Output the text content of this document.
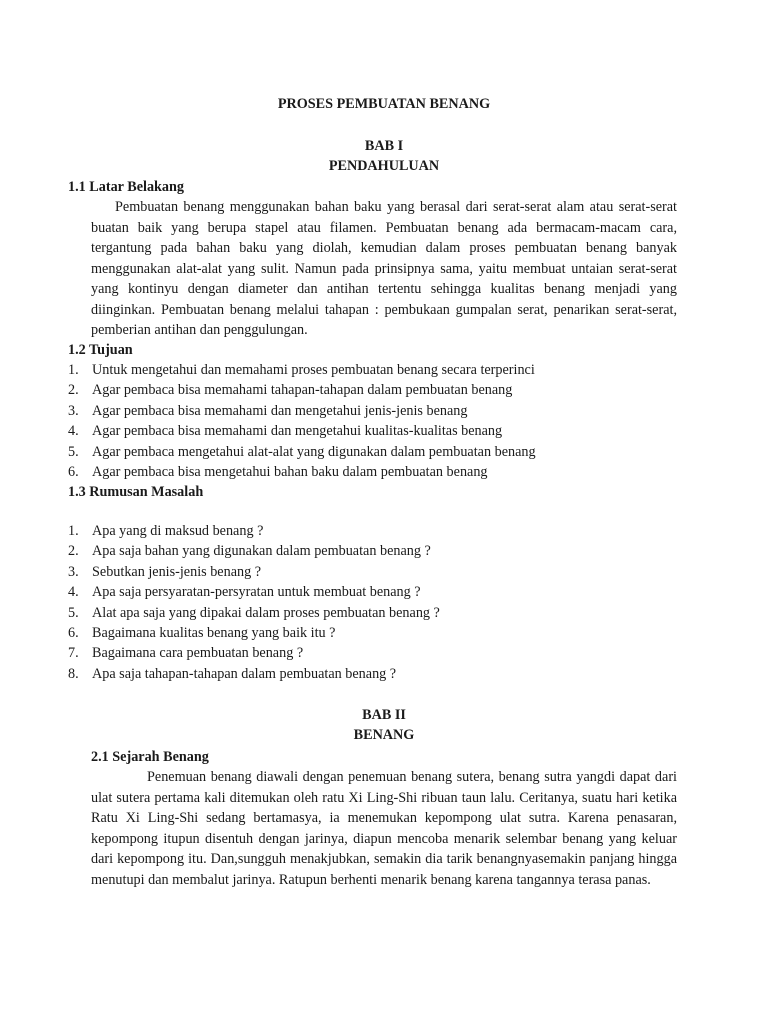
PROSES PEMBUATAN BENANG

BAB I

PENDAHULUAN

1.1 Latar Belakang

Pembuatan benang menggunakan bahan baku yang berasal dari serat-serat alam atau serat-serat buatan baik yang berupa stapel atau filamen. Pembuatan benang ada bermacam-macam cara, tergantung pada bahan baku yang diolah, kemudian dalam proses pembuatan benang banyak menggunakan alat-alat yang sulit. Namun pada prinsipnya sama, yaitu membuat untaian serat-serat yang kontinyu dengan diameter dan antihan tertentu sehingga kualitas benang menjadi yang diinginkan. Pembuatan benang melalui tahapan : pembukaan gumpalan serat, penarikan serat-serat, pemberian antihan dan penggulungan.

1.2 Tujuan

1. Untuk mengetahui dan memahami proses pembuatan benang secara terperinci
2. Agar pembaca bisa memahami tahapan-tahapan dalam pembuatan benang
3. Agar pembaca bisa memahami dan mengetahui jenis-jenis benang
4. Agar pembaca bisa memahami dan mengetahui kualitas-kualitas benang
5. Agar pembaca mengetahui alat-alat yang digunakan dalam pembuatan benang
6. Agar pembaca bisa mengetahui bahan baku dalam pembuatan benang

1.3 Rumusan Masalah

1. Apa yang di maksud benang ?
2. Apa saja bahan yang digunakan dalam pembuatan benang ?
3. Sebutkan jenis-jenis benang ?
4. Apa saja persyaratan-persyratan untuk membuat benang ?
5. Alat apa saja yang dipakai dalam proses pembuatan benang ?
6. Bagaimana kualitas benang yang baik itu ?
7. Bagaimana cara pembuatan benang ?
8. Apa saja tahapan-tahapan dalam pembuatan benang ?

BAB II

BENANG

2.1 Sejarah Benang

Penemuan benang diawali dengan penemuan benang sutera, benang sutra yangdi dapat dari ulat sutera pertama kali ditemukan oleh ratu Xi Ling-Shi ribuan taun lalu. Ceritanya, suatu hari ketika Ratu Xi Ling-Shi sedang bertamasya, ia menemukan kepompong ulat sutra. Karena penasaran, kepompong itupun disentuh dengan jarinya, diapun mencoba menarik selembar benang yang keluar dari kepompong itu. Dan,sungguh menakjubkan, semakin dia tarik benangnyasemakin panjang hingga menutupi dan membalut jarinya. Ratupun berhenti menarik benang karena tangannya terasa panas.
